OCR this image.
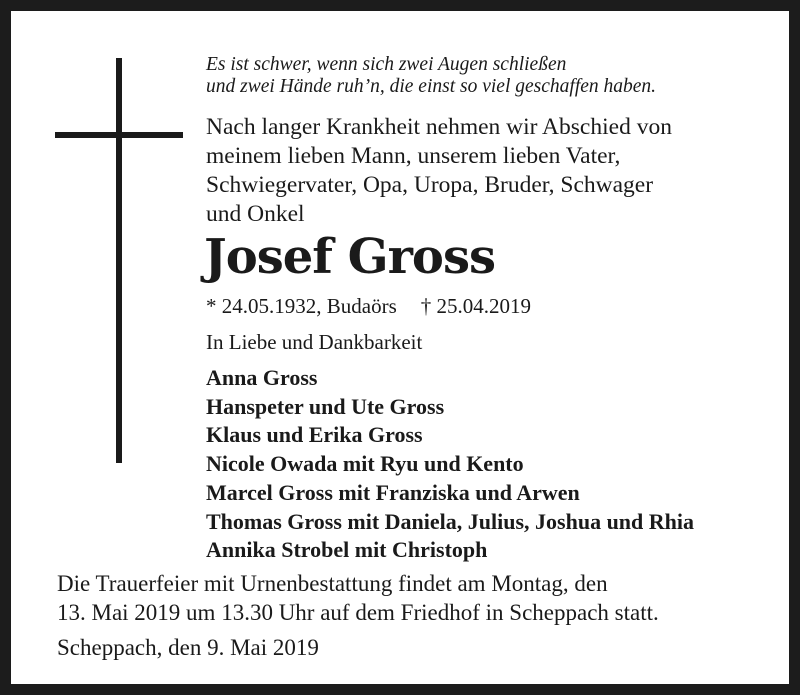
Es ist schwer, wenn sich zwei Augen schließen
und zwei Hände ruh’n, die einst so viel geschaffen haben.
Nach langer Krankheit nehmen wir Abschied von
meinem lieben Mann, unserem lieben Vater,
Schwiegervater, Opa, Uropa, Bruder, Schwager
und Onkel
Josef Gross
* 24.05.1932, Budaörs † 25.04.2019
In Liebe und Dankbarkeit
Anna Gross
Hanspeter und Ute Gross
Klaus und Erika Gross
Nicole Owada mit Ryu und Kento
Marcel Gross mit Franziska und Arwen
Thomas Gross mit Daniela, Julius, Joshua und Rhia
Annika Strobel mit Christoph
Die Trauerfeier mit Urnenbestattung findet am Montag, den
13. Mai 2019 um 13.30 Uhr auf dem Friedhof in Scheppach statt.
Scheppach, den 9. Mai 2019
